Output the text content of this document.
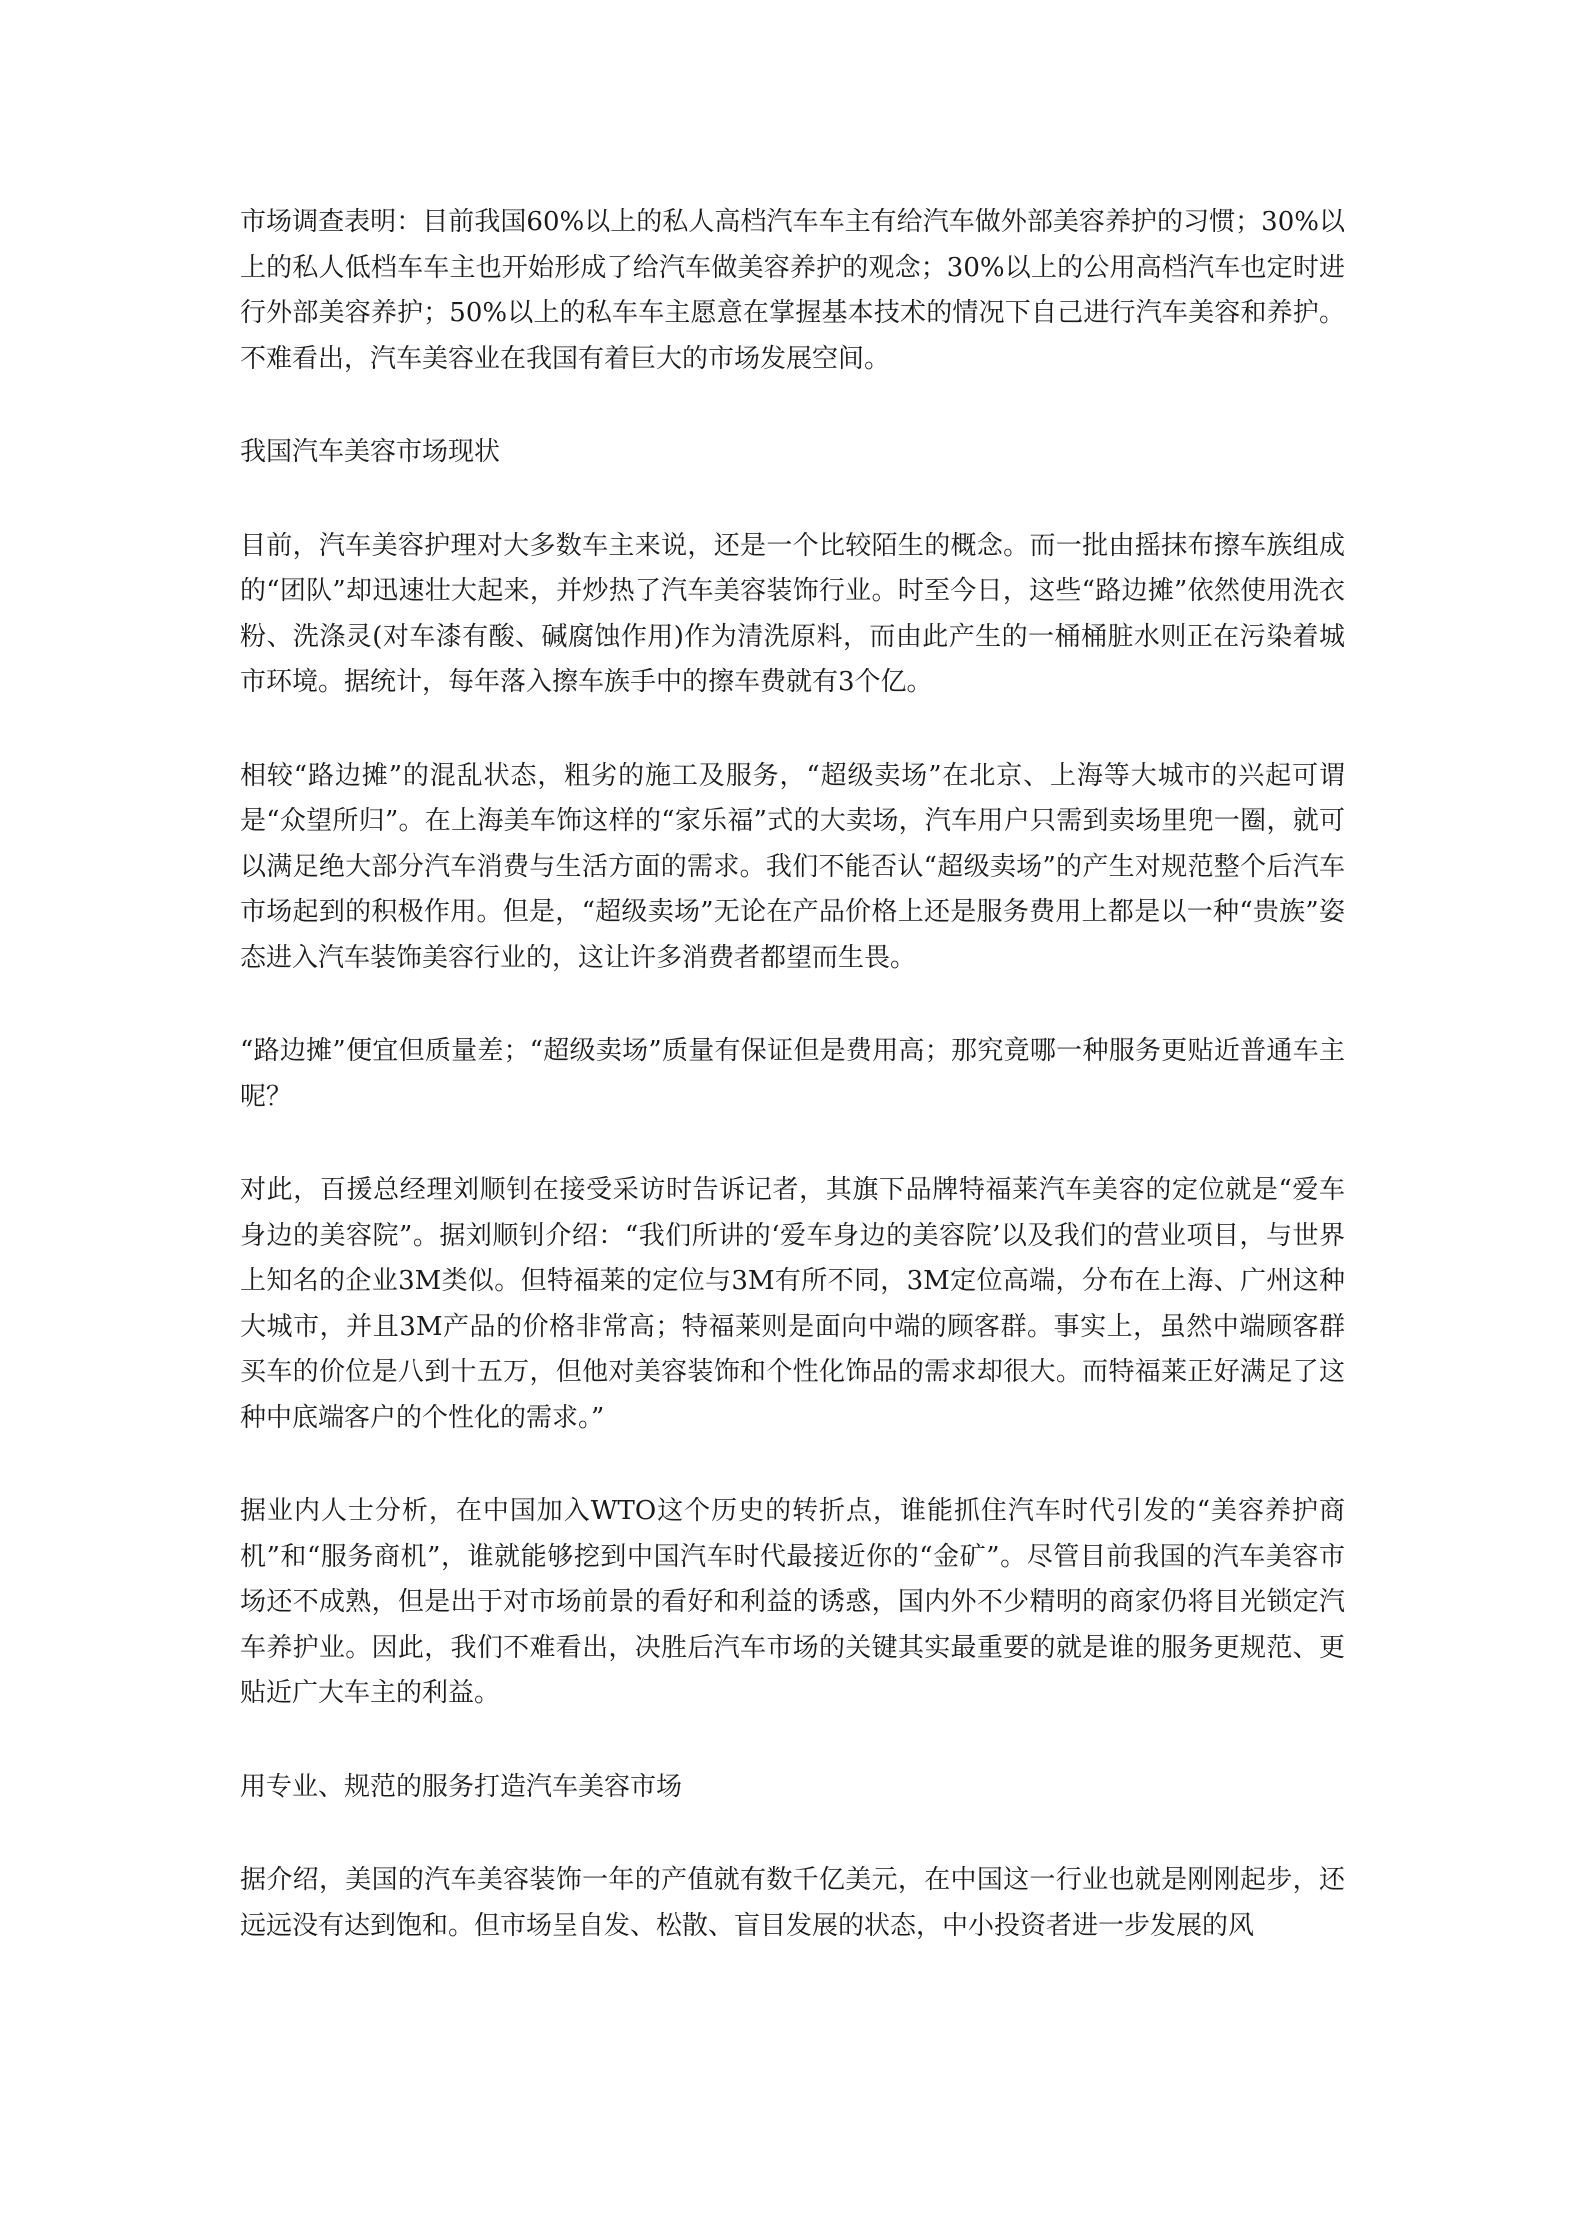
市场调查表明：目前我国60%以上的私人高档汽车车主有给汽车做外部美容养护的习惯；30%以上的私人低档车车主也开始形成了给汽车做美容养护的观念；30%以上的公用高档汽车也定时进行外部美容养护；50%以上的私车车主愿意在掌握基本技术的情况下自己进行汽车美容和养护。不难看出，汽车美容业在我国有着巨大的市场发展空间。

我国汽车美容市场现状

目前，汽车美容护理对大多数车主来说，还是一个比较陌生的概念。而一批由摇抹布擦车族组成的“团队”却迅速壮大起来，并炒热了汽车美容装饰行业。时至今日，这些“路边摊”依然使用洗衣粉、洗涤灵(对车漆有酸、碱腐蚀作用)作为清洗原料，而由此产生的一桶桶脏水则正在污染着城市环境。据统计，每年落入擦车族手中的擦车费就有3个亿。

相较“路边摊”的混乱状态，粗劣的施工及服务，“超级卖场”在北京、上海等大城市的兴起可谓是“众望所归”。在上海美车饰这样的“家乐福”式的大卖场，汽车用户只需到卖场里兜一圈，就可以满足绝大部分汽车消费与生活方面的需求。我们不能否认“超级卖场”的产生对规范整个后汽车市场起到的积极作用。但是，“超级卖场”无论在产品价格上还是服务费用上都是以一种“贵族”姿态进入汽车装饰美容行业的，这让许多消费者都望而生畏。

“路边摊”便宜但质量差；“超级卖场”质量有保证但是费用高；那究竟哪一种服务更贴近普通车主呢？

对此，百援总经理刘顺钊在接受采访时告诉记者，其旗下品牌特福莱汽车美容的定位就是“爱车身边的美容院”。据刘顺钊介绍：“我们所讲的‘爱车身边的美容院’以及我们的营业项目，与世界上知名的企业3M类似。但特福莱的定位与3M有所不同，3M定位高端，分布在上海、广州这种大城市，并且3M产品的价格非常高；特福莱则是面向中端的顾客群。事实上，虽然中端顾客群买车的价位是八到十五万，但他对美容装饰和个性化饰品的需求却很大。而特福莱正好满足了这种中底端客户的个性化的需求。”

据业内人士分析，在中国加入WTO这个历史的转折点，谁能抓住汽车时代引发的“美容养护商机”和“服务商机”，谁就能够挖到中国汽车时代最接近你的“金矿”。尽管目前我国的汽车美容市场还不成熟，但是出于对市场前景的看好和利益的诱惑，国内外不少精明的商家仍将目光锁定汽车养护业。因此，我们不难看出，决胜后汽车市场的关键其实最重要的就是谁的服务更规范、更贴近广大车主的利益。

用专业、规范的服务打造汽车美容市场

据介绍，美国的汽车美容装饰一年的产值就有数千亿美元，在中国这一行业也就是刚刚起步，还远远没有达到饱和。但市场呈自发、松散、盲目发展的状态，中小投资者进一步发展的风
